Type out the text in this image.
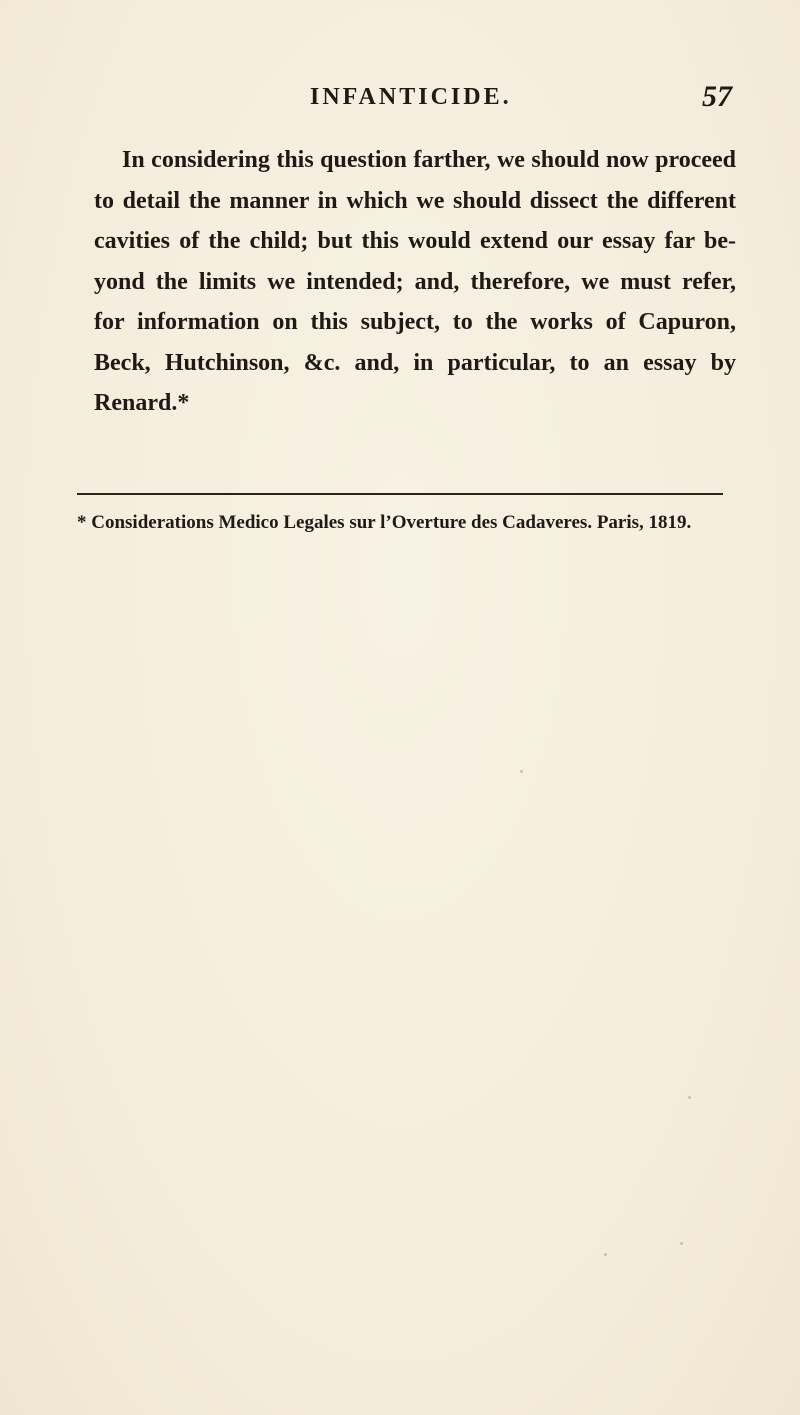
INFANTICIDE.	57
In considering this question farther, we should now proceed
to detail the manner in which we should dissect the different
cavities of the child; but this would extend our essay far be-
yond the limits we intended; and, therefore, we must refer,
for information on this subject, to the works of Capuron,
Beck, Hutchinson, &c. and, in particular, to an essay by
Renard.*
* Considerations Medico Legales sur l’Overture des Cadaveres. Paris, 1819.
